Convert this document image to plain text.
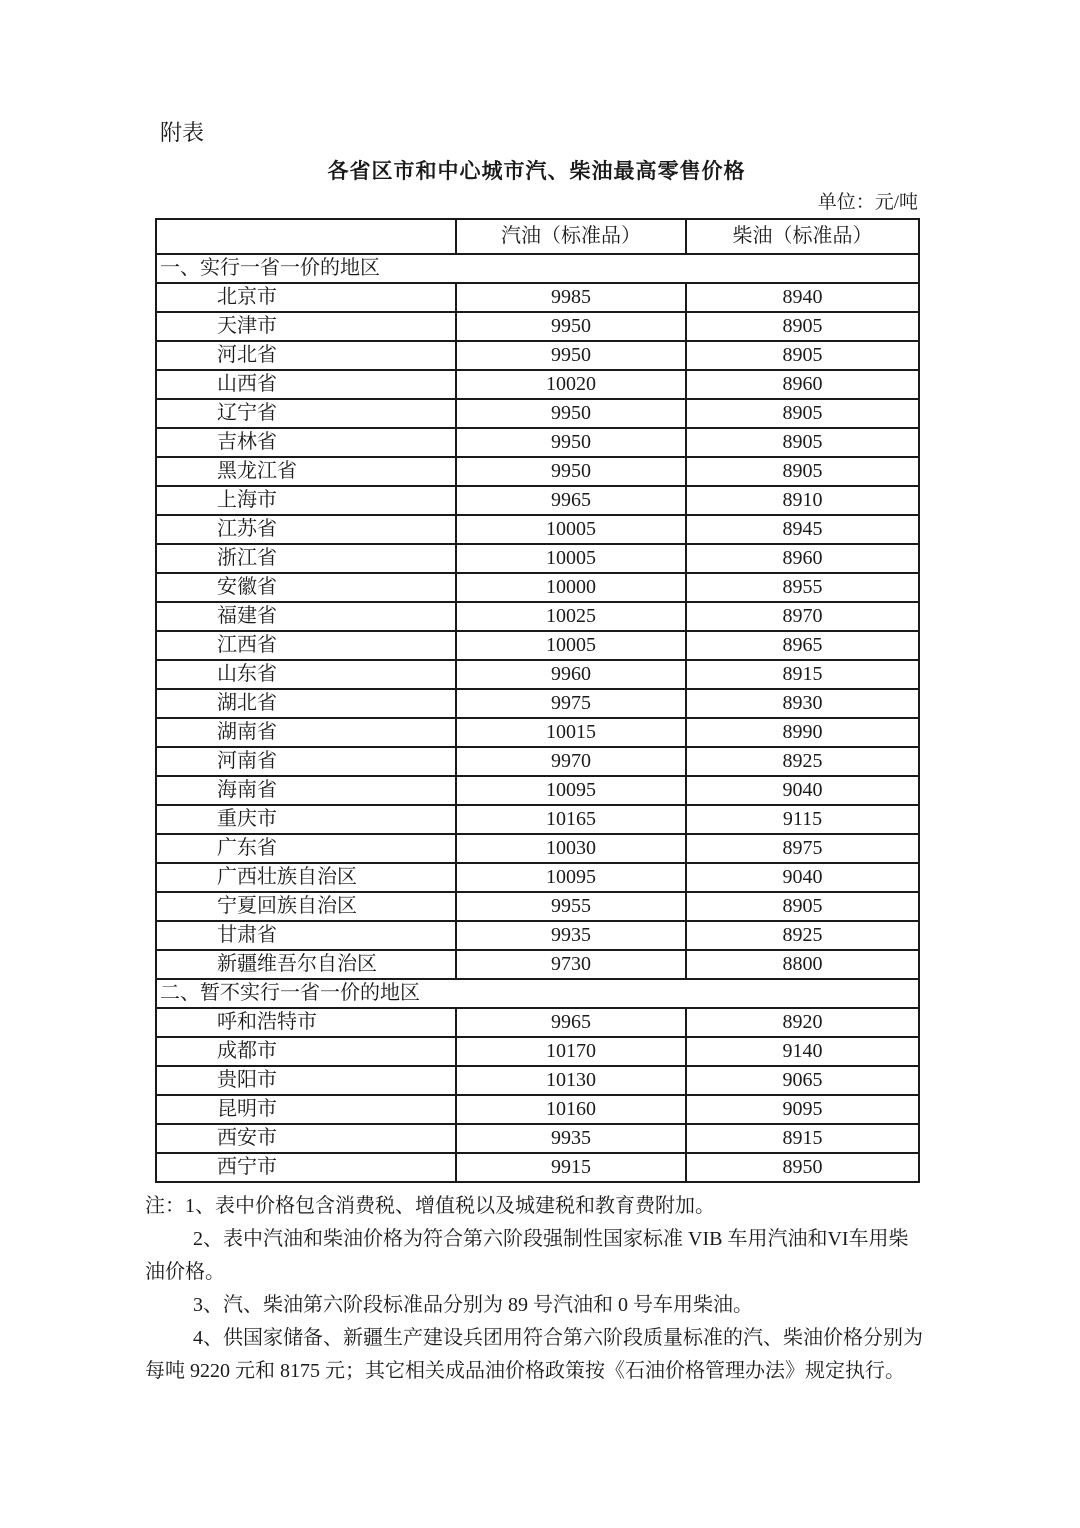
附表
各省区市和中心城市汽、柴油最高零售价格
单位：元/吨
	汽油（标准品）	柴油（标准品）
一、实行一省一价的地区		
北京市	9985	8940
天津市	9950	8905
河北省	9950	8905
山西省	10020	8960
辽宁省	9950	8905
吉林省	9950	8905
黑龙江省	9950	8905
上海市	9965	8910
江苏省	10005	8945
浙江省	10005	8960
安徽省	10000	8955
福建省	10025	8970
江西省	10005	8965
山东省	9960	8915
湖北省	9975	8930
湖南省	10015	8990
河南省	9970	8925
海南省	10095	9040
重庆市	10165	9115
广东省	10030	8975
广西壮族自治区	10095	9040
宁夏回族自治区	9955	8905
甘肃省	9935	8925
新疆维吾尔自治区	9730	8800
二、暂不实行一省一价的地区		
呼和浩特市	9965	8920
成都市	10170	9140
贵阳市	10130	9065
昆明市	10160	9095
西安市	9935	8915
西宁市	9915	8950

注：1、表中价格包含消费税、增值税以及城建税和教育费附加。

2、表中汽油和柴油价格为符合第六阶段强制性国家标准 VIB 车用汽油和VI车用柴油价格。

3、汽、柴油第六阶段标准品分别为 89 号汽油和 0 号车用柴油。

4、供国家储备、新疆生产建设兵团用符合第六阶段质量标准的汽、柴油价格分别为每吨 9220 元和 8175 元；其它相关成品油价格政策按《石油价格管理办法》规定执行。
